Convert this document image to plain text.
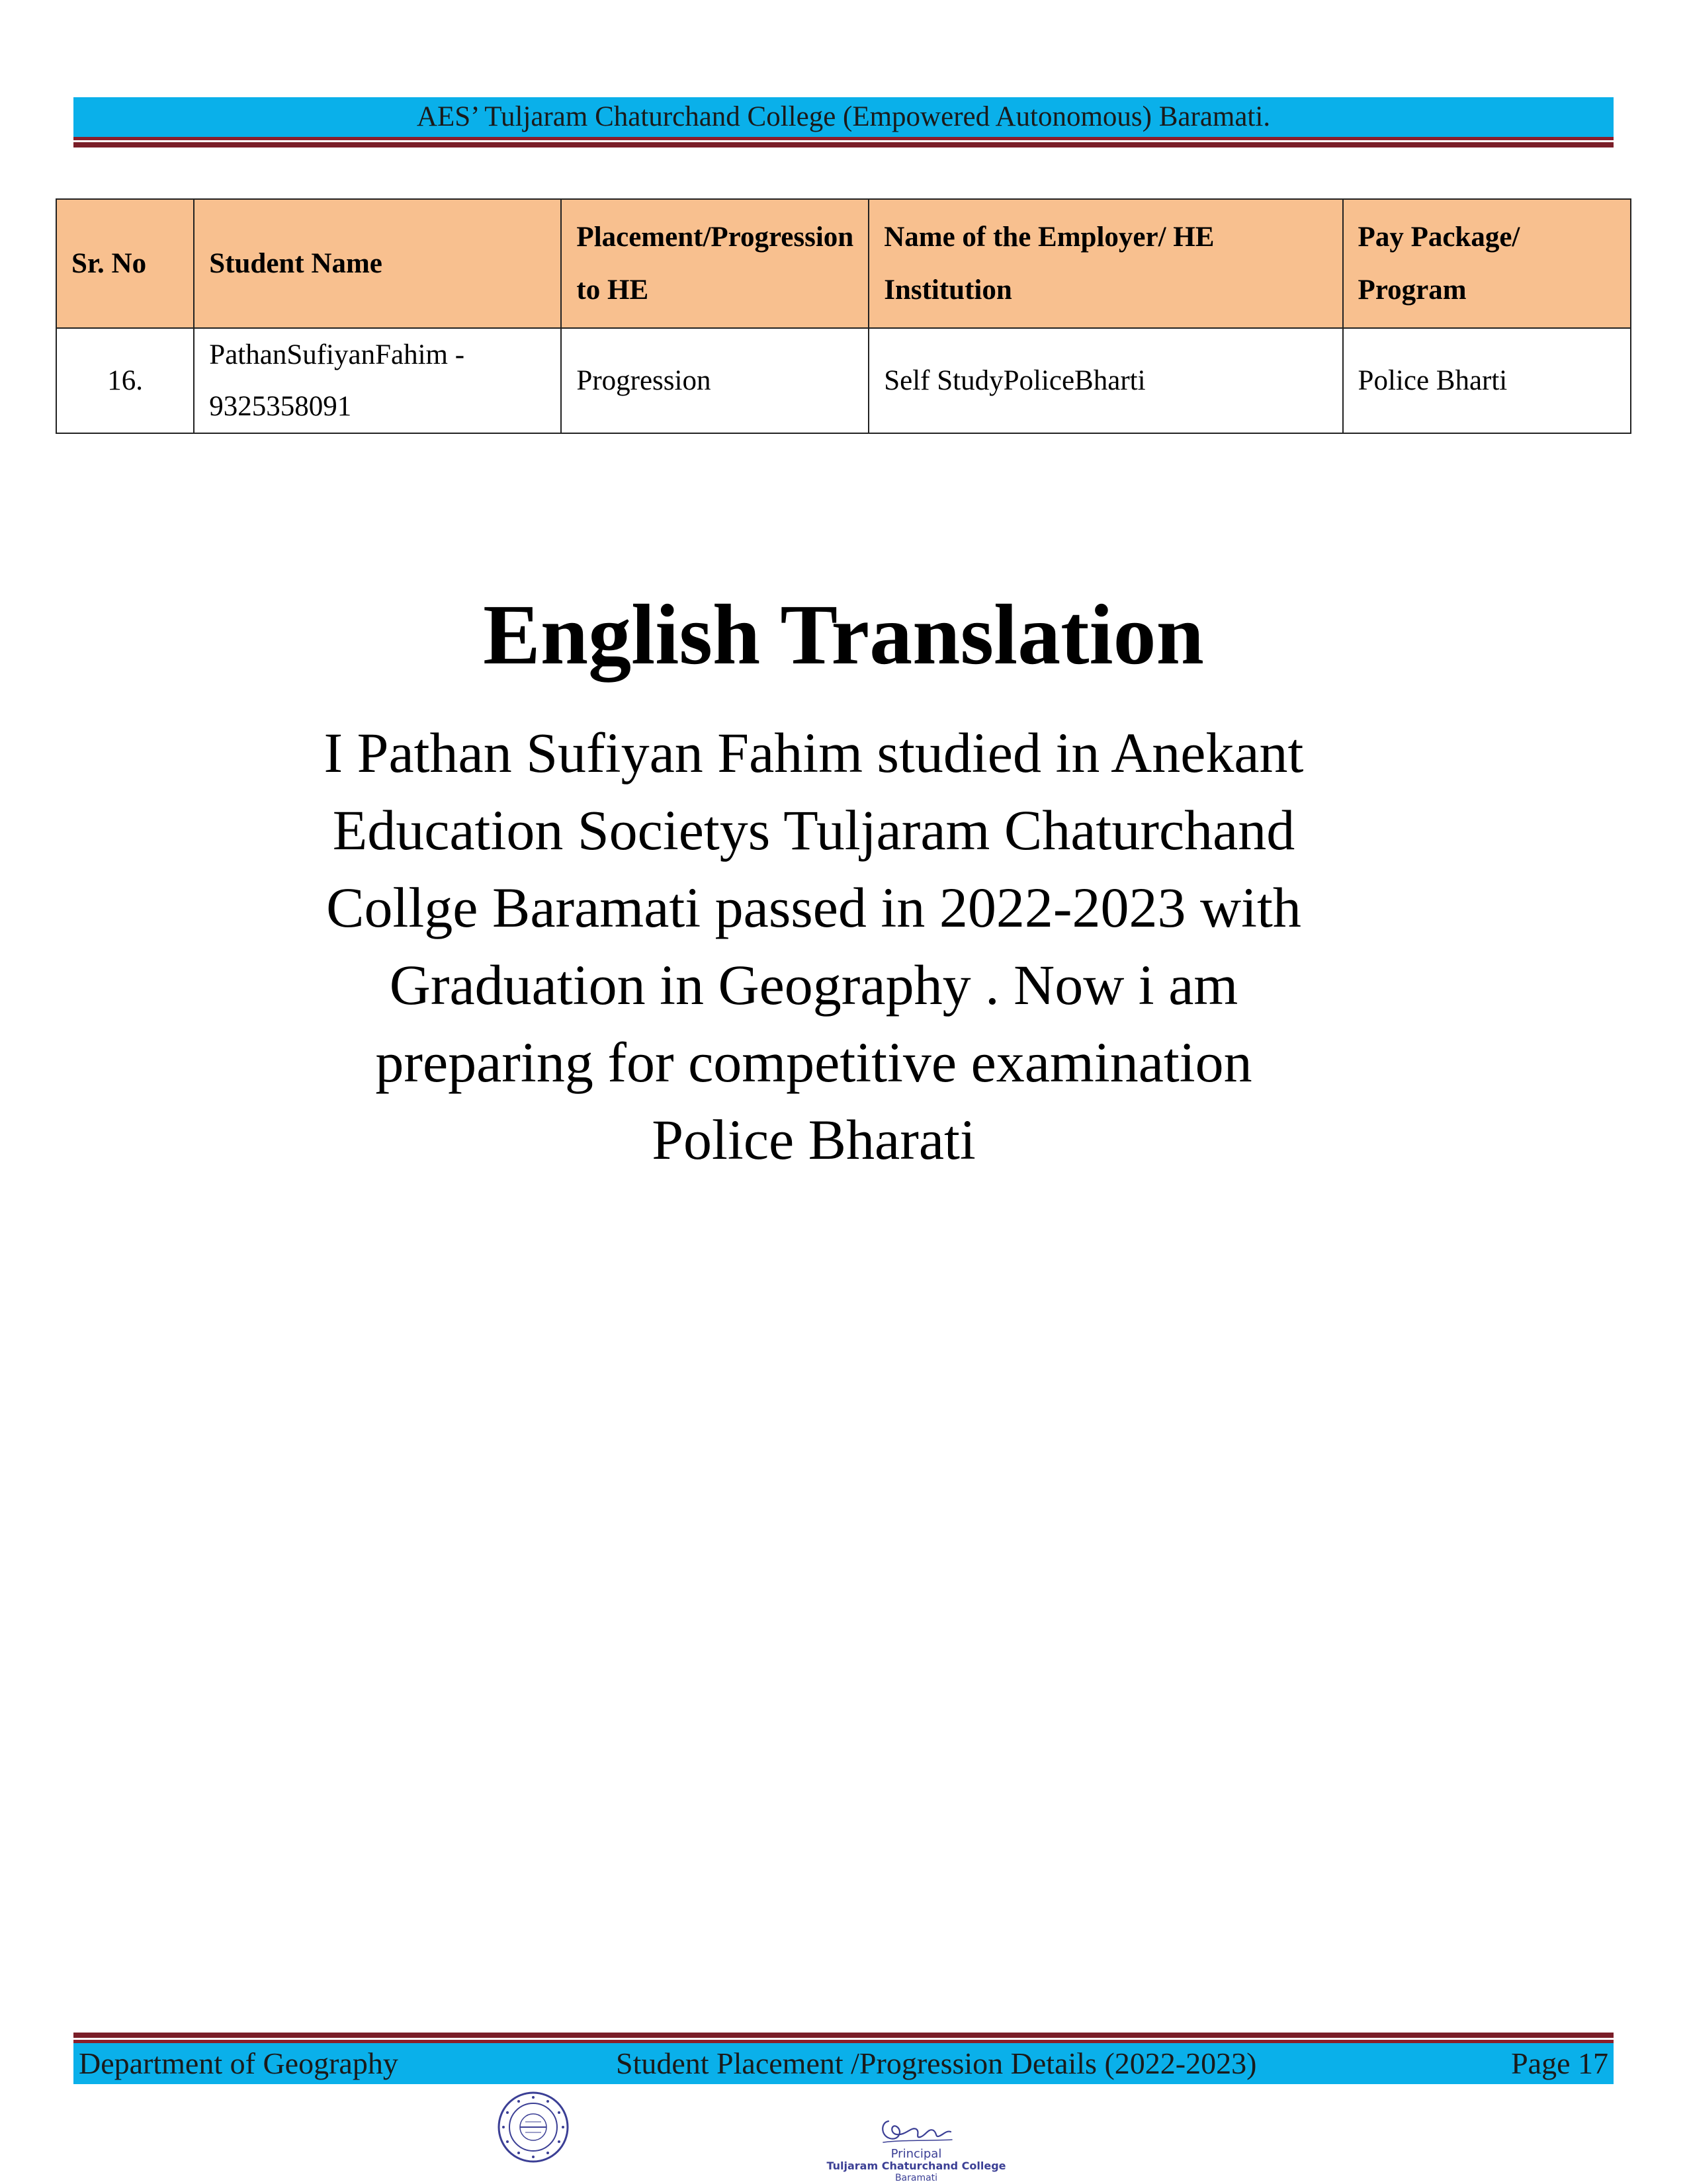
AES’ Tuljaram Chaturchand College (Empowered Autonomous) Baramati.
Sr. No	Student Name	Placement/Progression to HE	Name of the Employer/ HE Institution	Pay Package/ Program
16.	PathanSufiyanFahim - 9325358091	Progression	Self StudyPoliceBharti	Police Bharti
English Translation
I Pathan Sufiyan Fahim studied in Anekant
Education Societys Tuljaram Chaturchand
Collge Baramati passed in 2022-2023 with
Graduation in Geography . Now i am
preparing for competitive examination
Police Bharati
Department of Geography	Student Placement /Progression Details (2022-2023)	Page 17
Principal
Tuljaram Chaturchand College
Baramati
